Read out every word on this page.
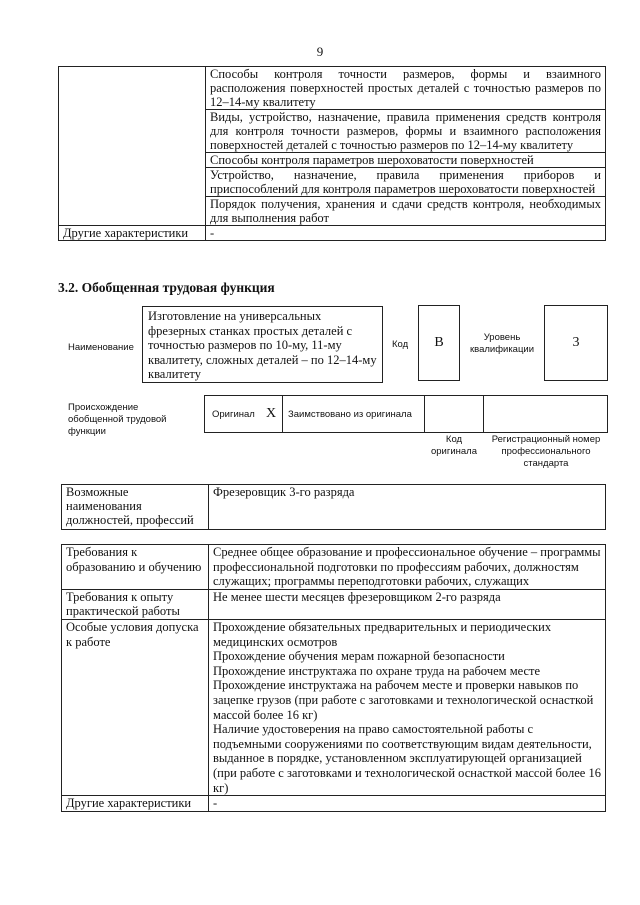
9
	Способы контроля точности размеров, формы и взаимного расположения поверхностей простых деталей с точностью размеров по 12–14-му квалитету
	Виды, устройство, назначение, правила применения средств контроля для контроля точности размеров, формы и взаимного расположения поверхностей деталей с точностью размеров по 12–14-му квалитету
	Способы контроля параметров шероховатости поверхностей
	Устройство, назначение, правила применения приборов и приспособлений для контроля параметров шероховатости поверхностей
	Порядок получения, хранения и сдачи средств контроля, необходимых для выполнения работ
Другие характеристики	-
3.2. Обобщенная трудовая функция
Наименование
Изготовление на универсальных фрезерных станках простых деталей с точностью размеров по 10-му, 11-му квалитету, сложных деталей – по 12–14-му квалитету
Код	В	Уровень квалификации	3
Происхождение обобщенной трудовой функции
Оригинал Х Заимствовано из оригинала
Код оригинала
Регистрационный номер профессионального стандарта
Возможные наименования должностей, профессий	Фрезеровщик 3-го разряда
Требования к образованию и обучению	Среднее общее образование и профессиональное обучение – программы профессиональной подготовки по профессиям рабочих, должностям служащих; программы переподготовки рабочих, служащих
Требования к опыту практической работы	Не менее шести месяцев фрезеровщиком 2-го разряда
Особые условия допуска к работе	Прохождение обязательных предварительных и периодических медицинских осмотров
Прохождение обучения мерам пожарной безопасности
Прохождение инструктажа по охране труда на рабочем месте
Прохождение инструктажа на рабочем месте и проверки навыков по зацепке грузов (при работе с заготовками и технологической оснасткой массой более 16 кг)
Наличие удостоверения на право самостоятельной работы с подъемными сооружениями по соответствующим видам деятельности, выданное в порядке, установленном эксплуатирующей организацией (при работе с заготовками и технологической оснасткой массой более 16 кг)

Другие характеристики	-
